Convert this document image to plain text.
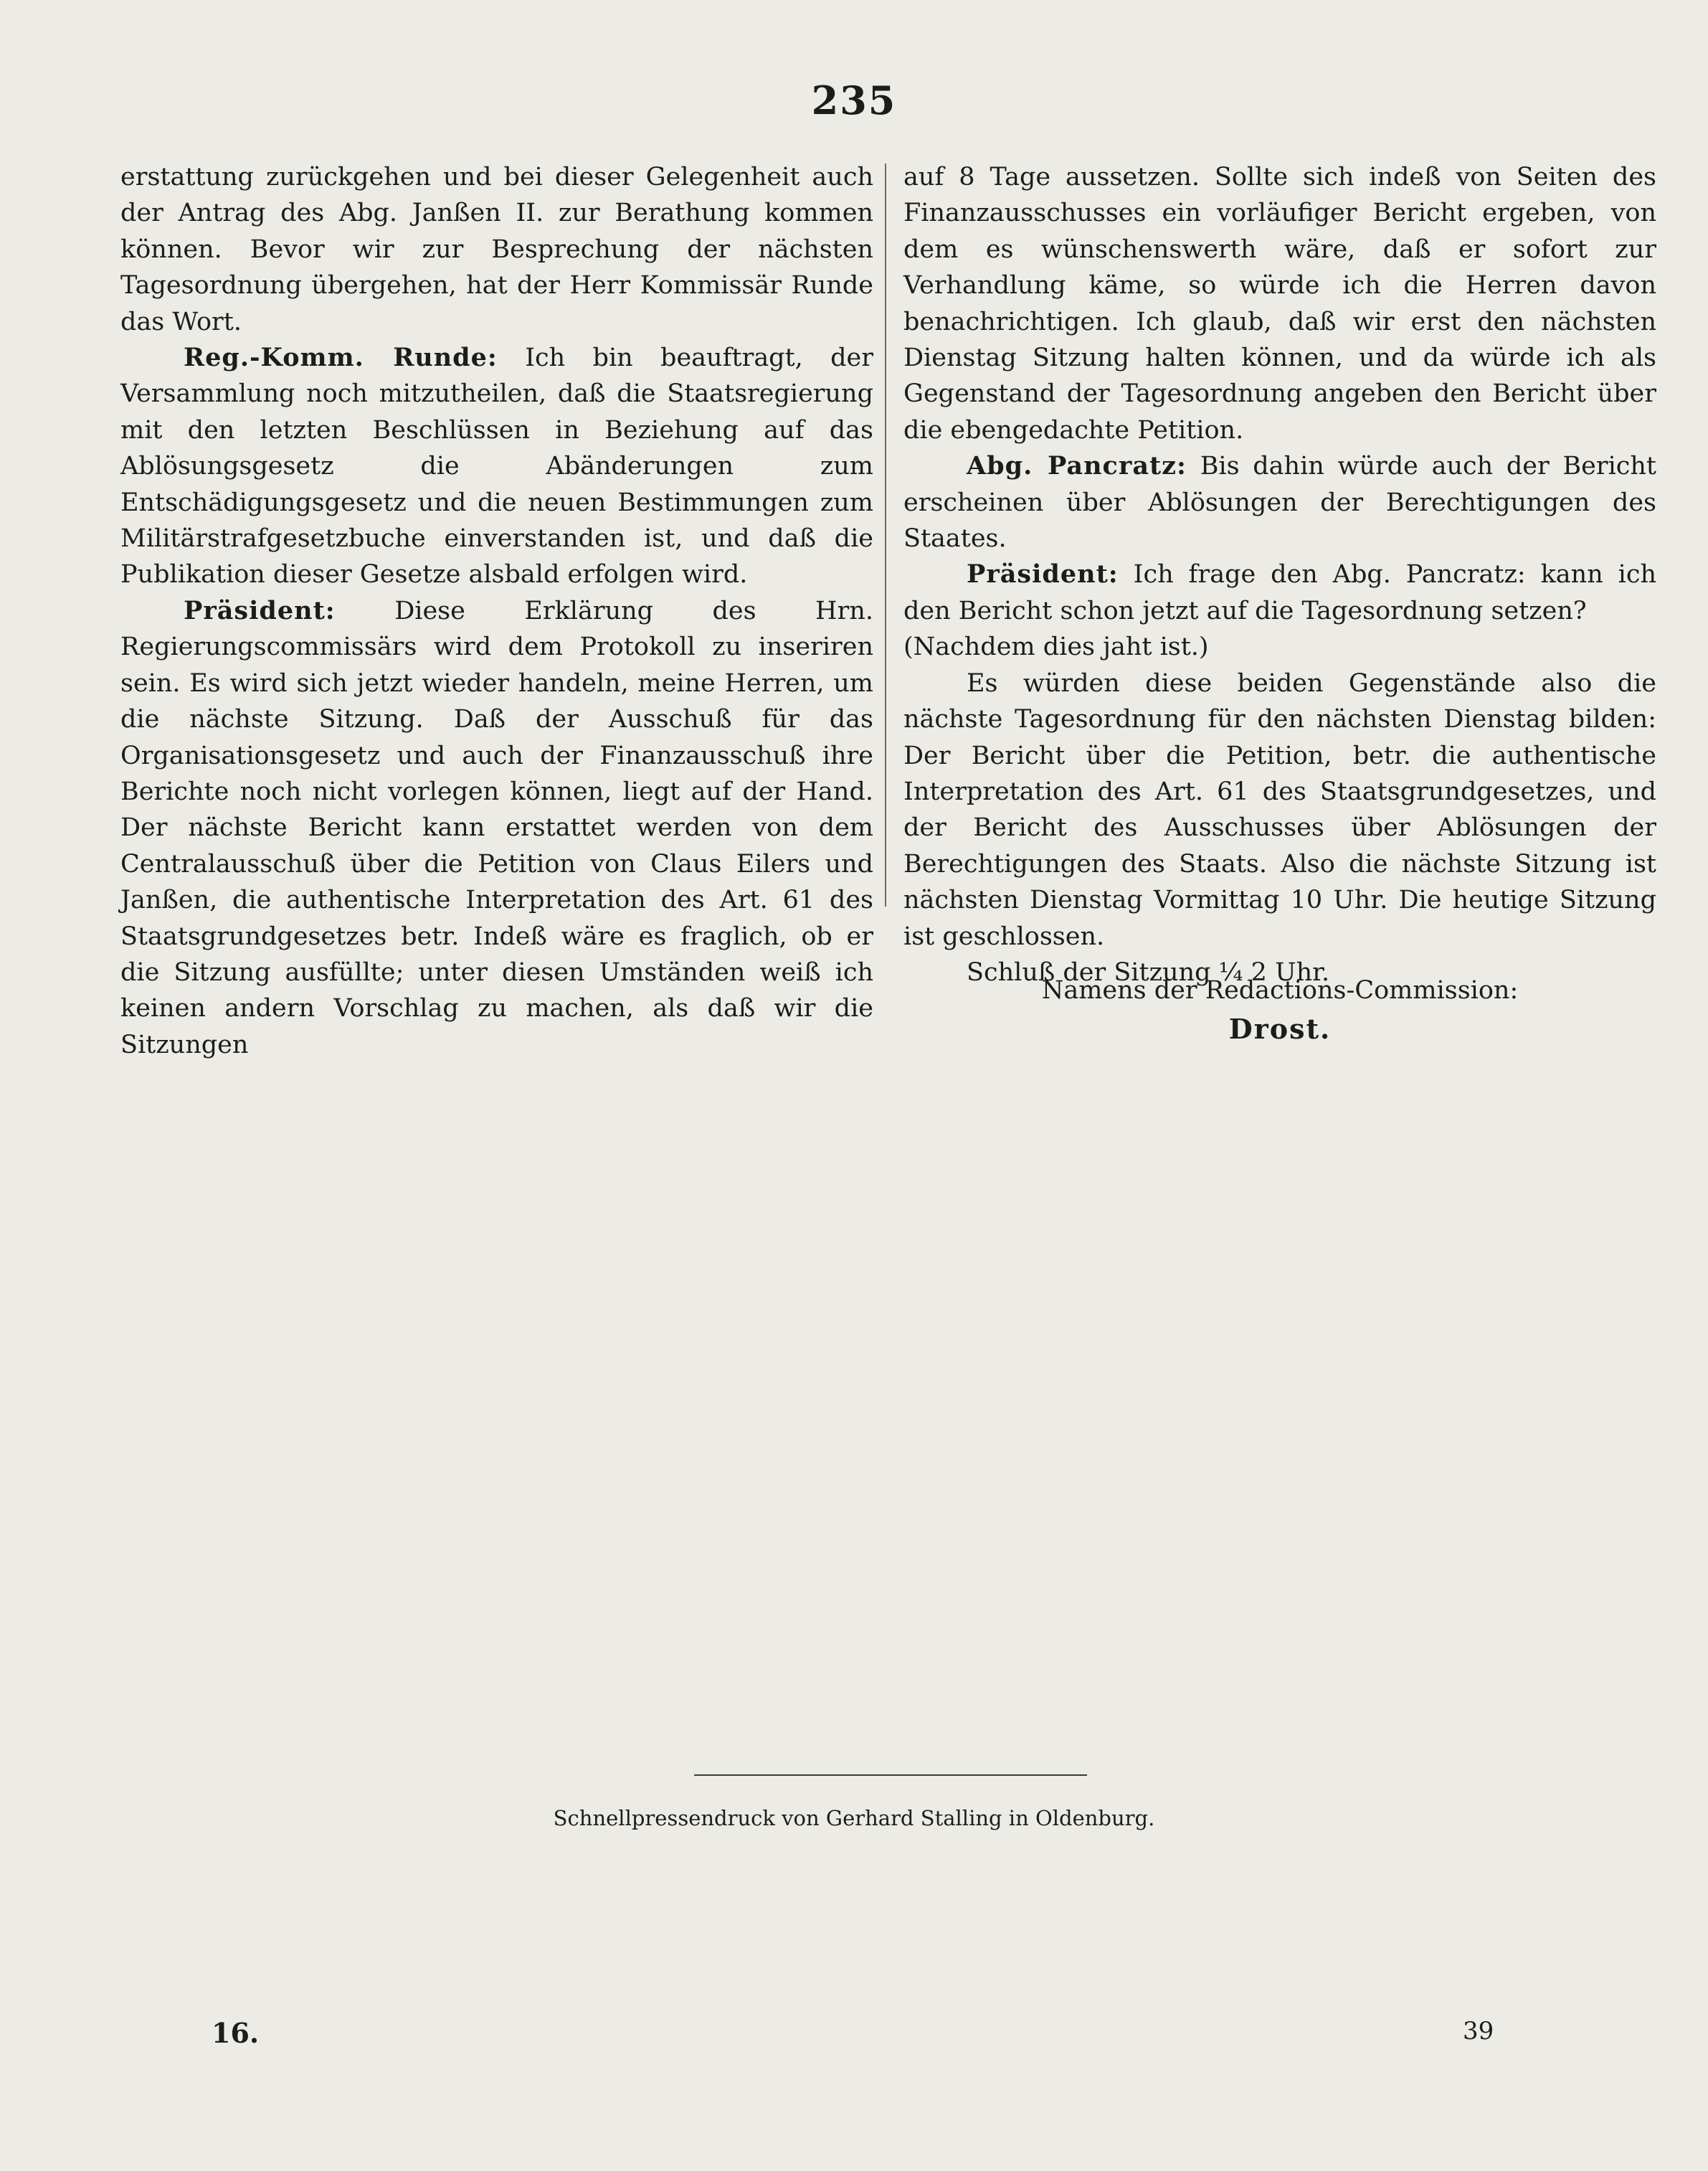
235

erstattung zurückgehen und bei dieser Gelegenheit auch der Antrag des Abg. Janßen II. zur Berathung kommen können. Bevor wir zur Besprechung der nächsten Tagesordnung übergehen, hat der Herr Kommissär Runde das Wort.

Reg.-Komm. Runde: Ich bin beauftragt, der Versammlung noch mitzutheilen, daß die Staatsregierung mit den letzten Beschlüssen in Beziehung auf das Ablösungsgesetz die Abänderungen zum Entschädigungsgesetz und die neuen Bestimmungen zum Militärstrafgesetzbuche einverstanden ist, und daß die Publikation dieser Gesetze alsbald erfolgen wird.

Präsident: Diese Erklärung des Hrn. Regierungscommissärs wird dem Protokoll zu inseriren sein. Es wird sich jetzt wieder handeln, meine Herren, um die nächste Sitzung. Daß der Ausschuß für das Organisationsgesetz und auch der Finanzausschuß ihre Berichte noch nicht vorlegen können, liegt auf der Hand. Der nächste Bericht kann erstattet werden von dem Centralausschuß über die Petition von Claus Eilers und Janßen, die authentische Interpretation des Art. 61 des Staatsgrundgesetzes betr. Indeß wäre es fraglich, ob er die Sitzung ausfüllte; unter diesen Umständen weiß ich keinen andern Vorschlag zu machen, als daß wir die Sitzungen

auf 8 Tage aussetzen. Sollte sich indeß von Seiten des Finanzausschusses ein vorläufiger Bericht ergeben, von dem es wünschenswerth wäre, daß er sofort zur Verhandlung käme, so würde ich die Herren davon benachrichtigen. Ich glaub, daß wir erst den nächsten Dienstag Sitzung halten können, und da würde ich als Gegenstand der Tagesordnung angeben den Bericht über die ebengedachte Petition.

Abg. Pancratz: Bis dahin würde auch der Bericht erscheinen über Ablösungen der Berechtigungen des Staates.

Präsident: Ich frage den Abg. Pancratz: kann ich den Bericht schon jetzt auf die Tagesordnung setzen?

(Nachdem dies jaht ist.)

Es würden diese beiden Gegenstände also die nächste Tagesordnung für den nächsten Dienstag bilden: Der Bericht über die Petition, betr. die authentische Interpretation des Art. 61 des Staatsgrundgesetzes, und der Bericht des Ausschusses über Ablösungen der Berechtigungen des Staats. Also die nächste Sitzung ist nächsten Dienstag Vormittag 10 Uhr. Die heutige Sitzung ist geschlossen.

Schluß der Sitzung ¼ 2 Uhr.

Namens der Redactions-Commission:
Drost.
Schnellpressendruck von Gerhard Stalling in Oldenburg.
16.	39
